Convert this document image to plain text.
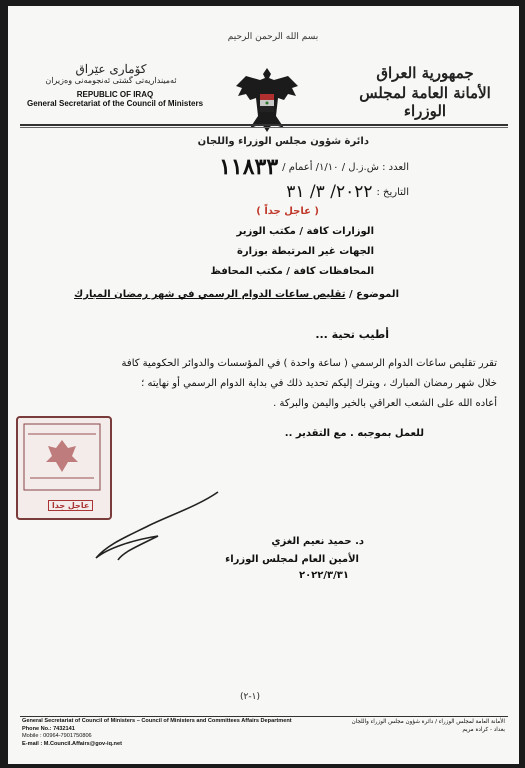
بسم الله الرحمن الرحيم
جمهورية العراق
الأمانة العامة لمجلس الوزراء
كۆماری عێراق
ئەمینداریەتی گشتی ئەنجومەنی وەزیران
REPUBLIC OF IRAQ
General Secretariat of the Council of Ministers
دائرة شؤون مجلس الوزراء واللجان
العدد : ش.ز.ل / ١/١٠/ أعمام /
١١٨٣٣
التاريخ :
٢٠٢٢/ ٣/ ٣١
( عاجل جداً )
الوزارات كافة / مكتب الوزير
الجهات غير المرتبطة بوزارة
المحافظات كافة / مكتب المحافظ
الموضوع / تقليص ساعات الدوام الرسمي في شهر رمضان المبارك
أطيب تحية ...
تقرر تقليص ساعات الدوام الرسمي ( ساعة واحدة ) في المؤسسات والدوائر الحكومية كافة
خلال شهر رمضان المبارك ، ويترك إليكم تحديد ذلك في بداية الدوام الرسمي أو نهايته ؛
أعاده الله على الشعب العراقي بالخير واليمن والبركة .
للعمل بموجبه . مع التقدير ..
عاجل جدا
د. حميد نعيم الغزي
الأمين العام لمجلس الوزراء
٢٠٢٢/٣/٣١
(١-٢)
General Secretariat of Council of Ministers – Council of Ministers and Committees Affairs Department
Phone No.: 7432141
Mobile : 00964-7901750806
E-mail : M.Council.Affairs@gov-iq.net
الأمانة العامة لمجلس الوزراء / دائرة شؤون مجلس الوزراء واللجان
بغداد - كرادة مريم
